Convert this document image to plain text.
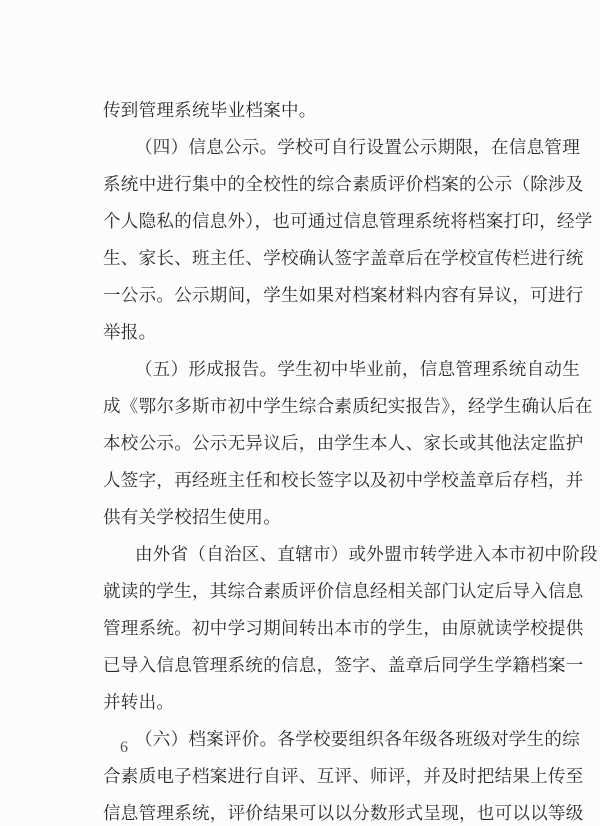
传到管理系统毕业档案中。
（四）信息公示。学校可自行设置公示期限，在信息管理
系统中进行集中的全校性的综合素质评价档案的公示（除涉及
个人隐私的信息外），也可通过信息管理系统将档案打印，经学
生、家长、班主任、学校确认签字盖章后在学校宣传栏进行统
一公示。公示期间，学生如果对档案材料内容有异议，可进行
举报。
（五）形成报告。学生初中毕业前，信息管理系统自动生
成《鄂尔多斯市初中学生综合素质纪实报告》，经学生确认后在
本校公示。公示无异议后，由学生本人、家长或其他法定监护
人签字，再经班主任和校长签字以及初中学校盖章后存档，并
供有关学校招生使用。
由外省（自治区、直辖市）或外盟市转学进入本市初中阶段
就读的学生，其综合素质评价信息经相关部门认定后导入信息
管理系统。初中学习期间转出本市的学生，由原就读学校提供
已导入信息管理系统的信息，签字、盖章后同学生学籍档案一
并转出。
（六）档案评价。各学校要组织各年级各班级对学生的综
合素质电子档案进行自评、互评、师评，并及时把结果上传至
信息管理系统，评价结果可以以分数形式呈现，也可以以等级
6
